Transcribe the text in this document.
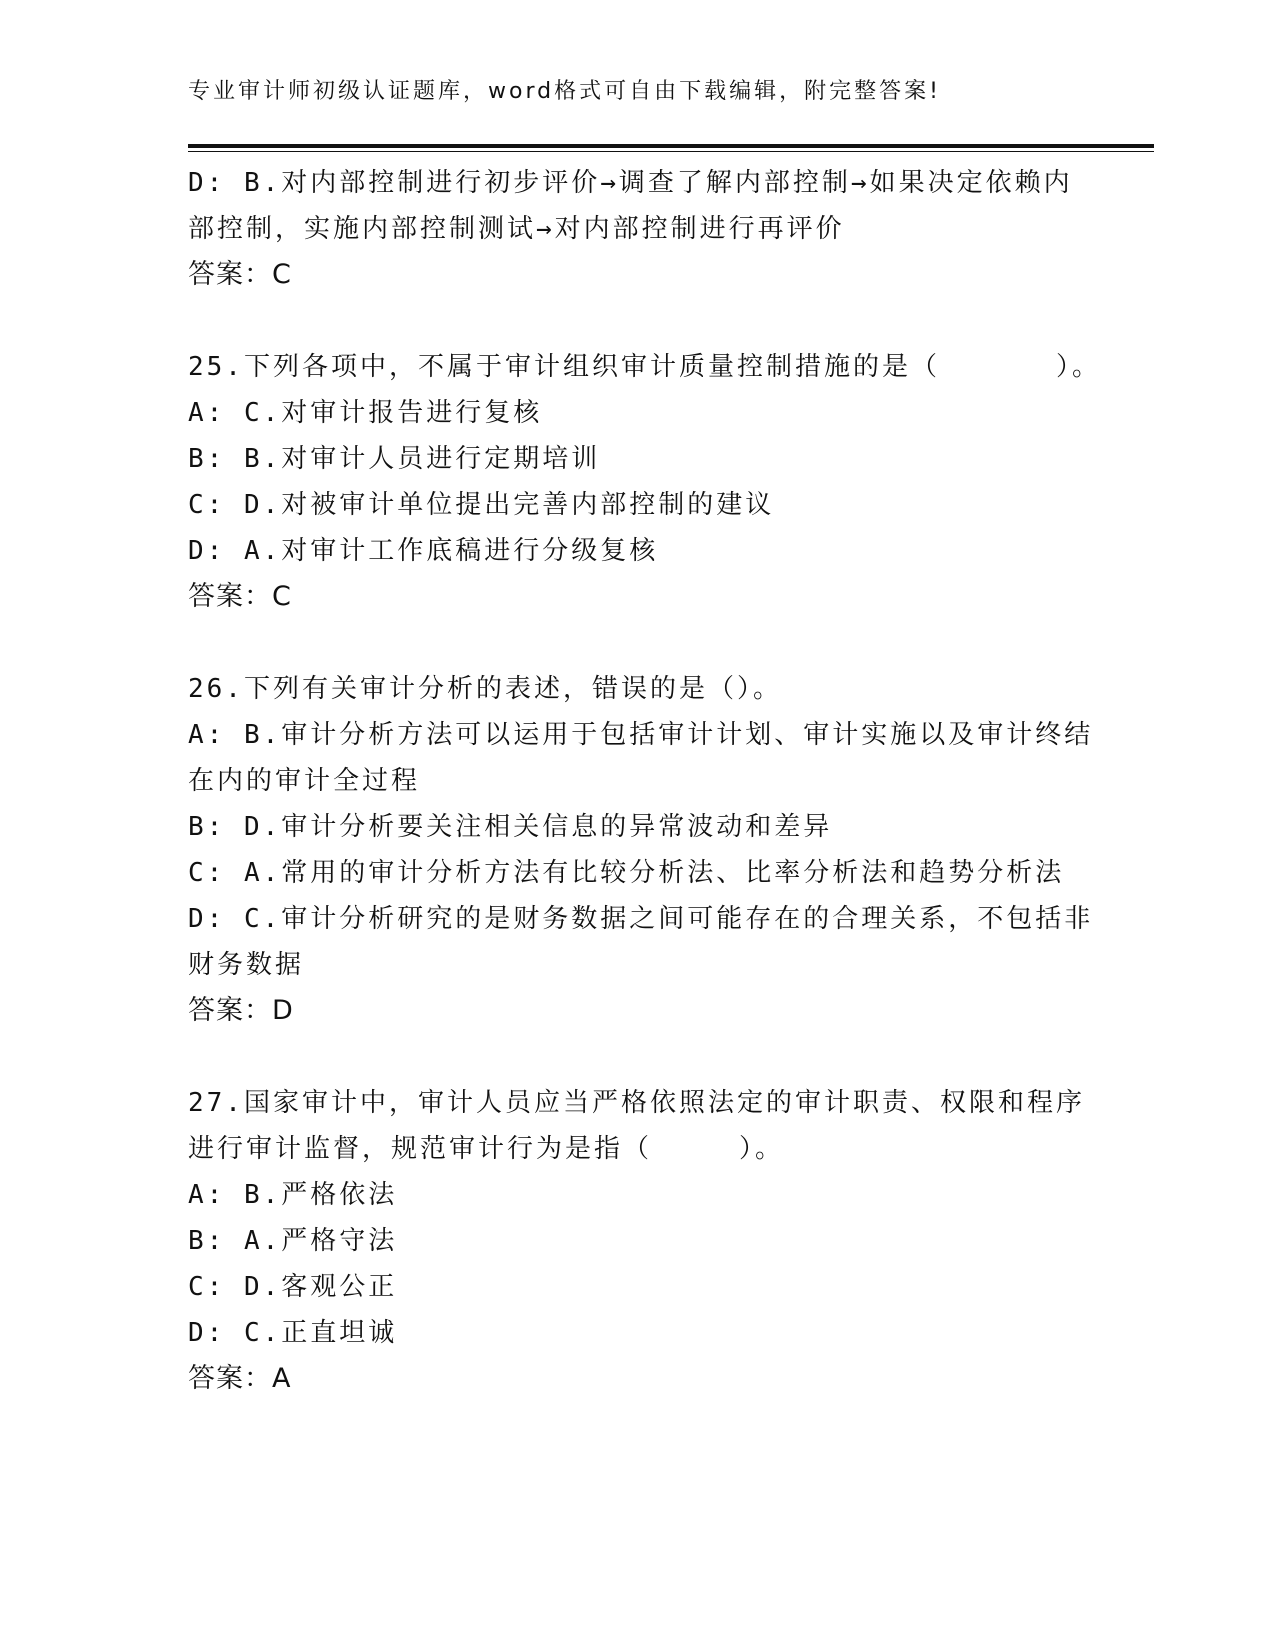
专业审计师初级认证题库，word格式可自由下载编辑，附完整答案!
D: B.对内部控制进行初步评价→调查了解内部控制→如果决定依赖内
部控制，实施内部控制测试→对内部控制进行再评价
答案：C
25.下列各项中，不属于审计组织审计质量控制措施的是（　　　　）。
A: C.对审计报告进行复核
B: B.对审计人员进行定期培训
C: D.对被审计单位提出完善内部控制的建议
D: A.对审计工作底稿进行分级复核
答案：C
26.下列有关审计分析的表述，错误的是（）。
A: B.审计分析方法可以运用于包括审计计划、审计实施以及审计终结
在内的审计全过程
B: D.审计分析要关注相关信息的异常波动和差异
C: A.常用的审计分析方法有比较分析法、比率分析法和趋势分析法
D: C.审计分析研究的是财务数据之间可能存在的合理关系，不包括非
财务数据
答案：D
27.国家审计中，审计人员应当严格依照法定的审计职责、权限和程序
进行审计监督，规范审计行为是指（　　　）。
A: B.严格依法
B: A.严格守法
C: D.客观公正
D: C.正直坦诚
答案：A
